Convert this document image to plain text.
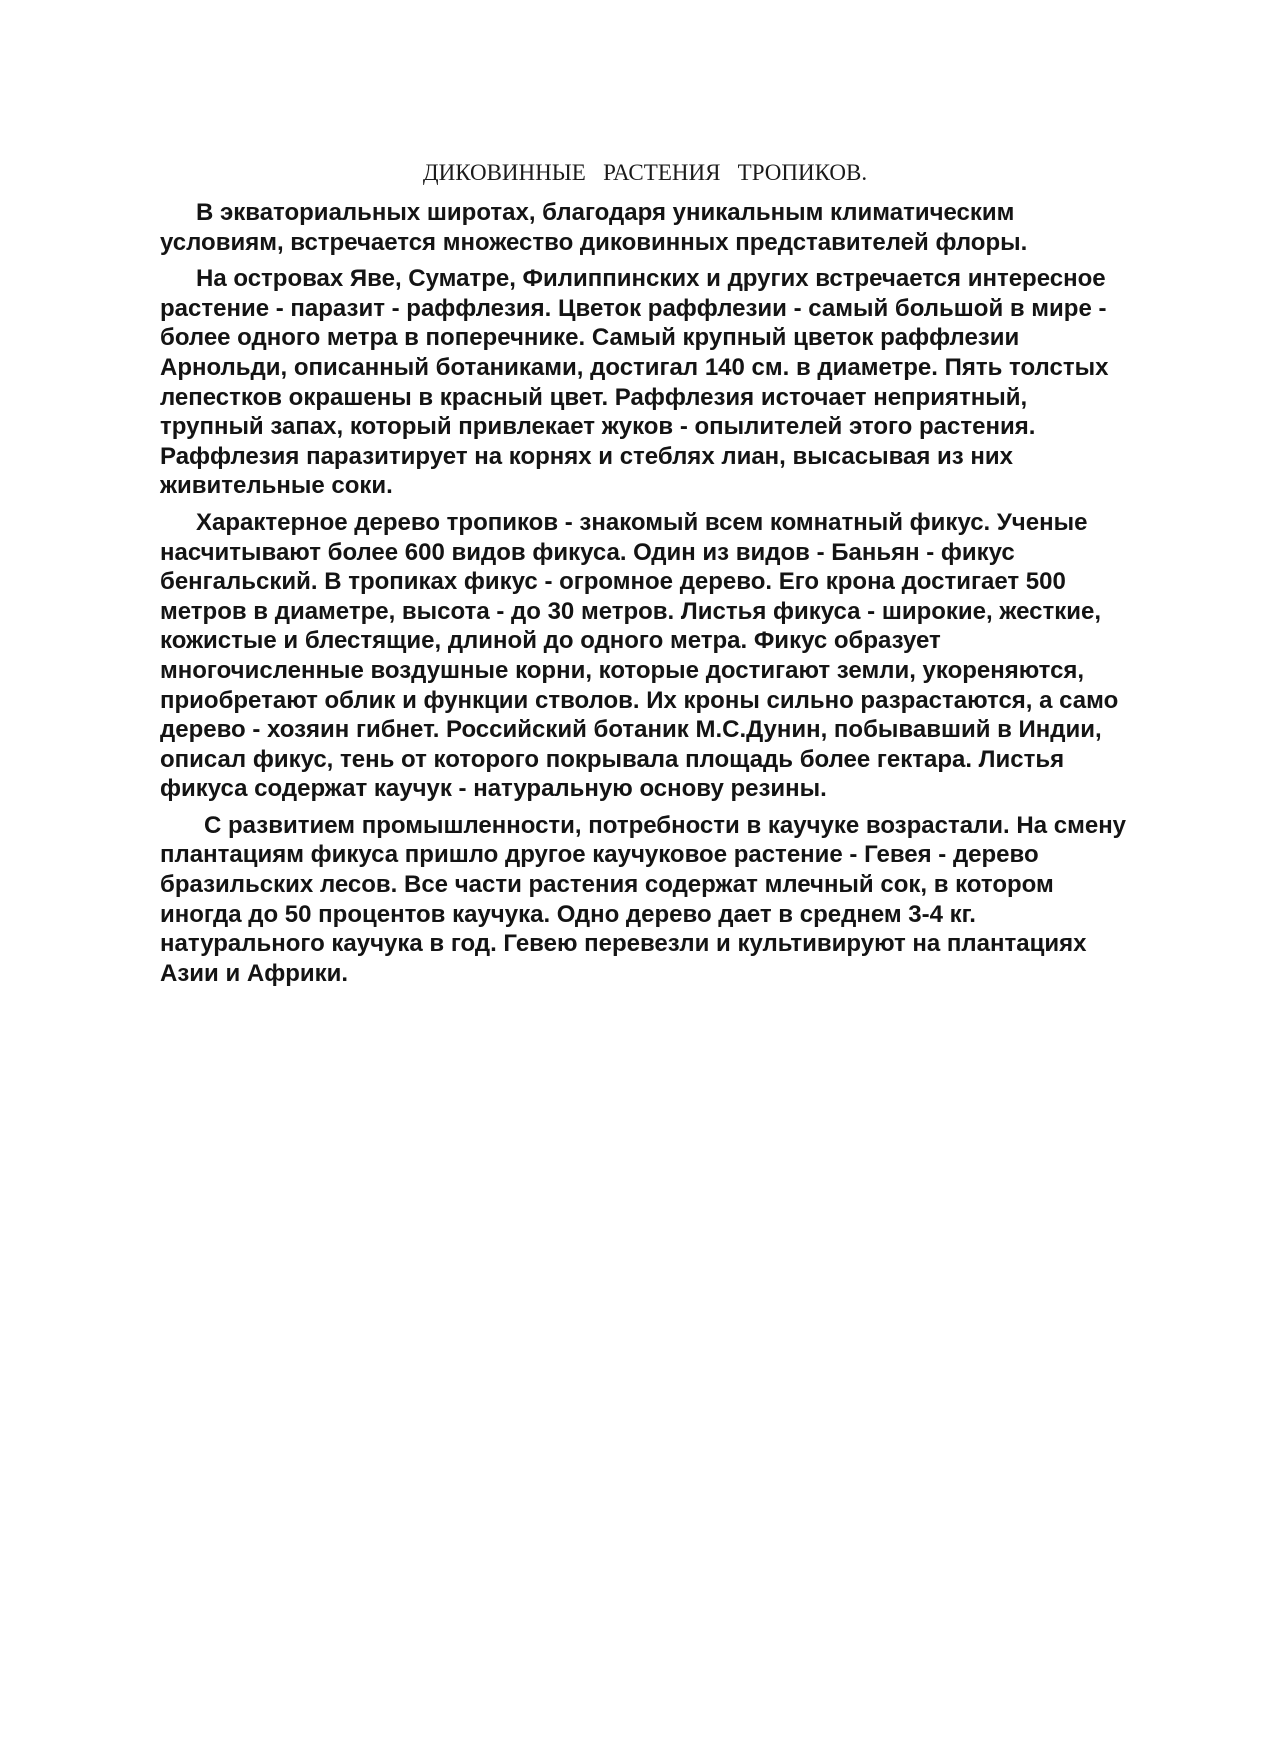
ДИКОВИННЫЕ   РАСТЕНИЯ   ТРОПИКОВ.

В экваториальных широтах, благодаря уникальным климатическим условиям, встречается множество диковинных представителей флоры.

На островах Яве, Суматре, Филиппинских и других встречается интересное растение - паразит - раффлезия. Цветок раффлезии - самый большой в мире - более одного метра в поперечнике. Самый крупный цветок раффлезии Арнольди, описанный ботаниками, достигал 140 см. в диаметре. Пять толстых лепестков окрашены в красный цвет. Раффлезия источает неприятный, трупный запах, который привлекает жуков - опылителей этого растения. Раффлезия паразитирует на корнях и стеблях лиан, высасывая из них живительные соки.

Характерное дерево тропиков - знакомый всем комнатный фикус. Ученые насчитывают более 600 видов фикуса. Один из видов - Баньян - фикус бенгальский. В тропиках фикус - огромное дерево. Его крона достигает 500 метров в диаметре, высота - до 30 метров. Листья фикуса - широкие, жесткие, кожистые и блестящие, длиной до одного метра. Фикус образует многочисленные воздушные корни, которые достигают земли, укореняются, приобретают облик и функции стволов. Их кроны сильно разрастаются, а само дерево - хозяин гибнет. Российский ботаник М.С.Дунин, побывавший в Индии, описал фикус, тень от которого покрывала площадь более гектара. Листья фикуса содержат каучук - натуральную основу резины.

С развитием промышленности, потребности в каучуке возрастали. На смену плантациям фикуса пришло другое каучуковое растение - Гевея - дерево бразильских лесов. Все части растения содержат млечный сок, в котором иногда до 50 процентов каучука. Одно дерево дает в среднем 3-4 кг. натурального каучука в год. Гевею перевезли и культивируют на плантациях Азии и Африки.
